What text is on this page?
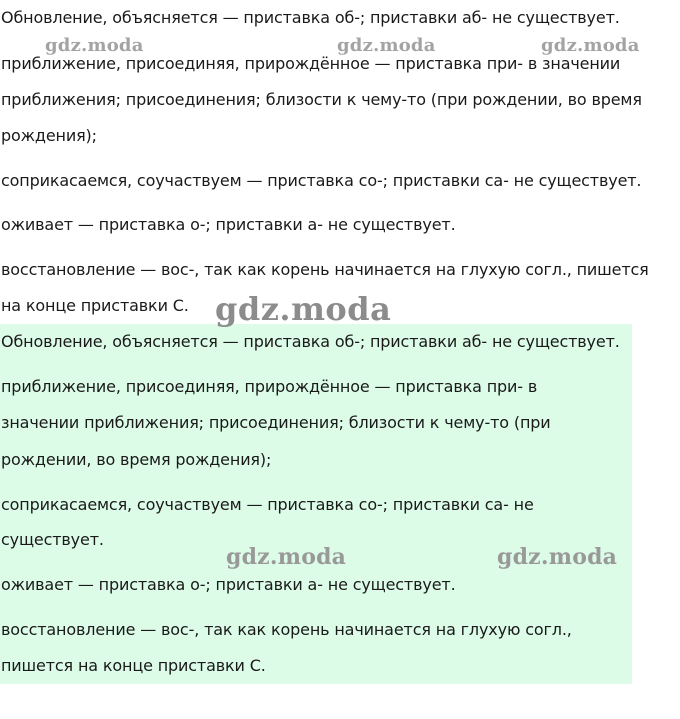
Обновление, объясняется — приставка об-; приставки аб- не существует.
приближение, присоединяя, прирождённое — приставка при- в значении
приближения; присоединения; близости к чему-то (при рождении, во время
рождения);
соприкасаемся, соучаствуем — приставка со-; приставки са- не существует.
оживает — приставка о-; приставки а- не существует.
восстановление — вос-, так как корень начинается на глухую согл., пишется
на конце приставки С.
Обновление, объясняется — приставка об-; приставки аб- не существует.
приближение, присоединяя, прирождённое — приставка при- в
значении приближения; присоединения; близости к чему-то (при
рождении, во время рождения);
соприкасаемся, соучаствуем — приставка со-; приставки са- не
существует.
оживает — приставка о-; приставки а- не существует.
восстановление — вос-, так как корень начинается на глухую согл.,
пишется на конце приставки С.
gdz.moda	gdz.moda	gdz.moda
gdz.moda
gdz.moda	gdz.moda
